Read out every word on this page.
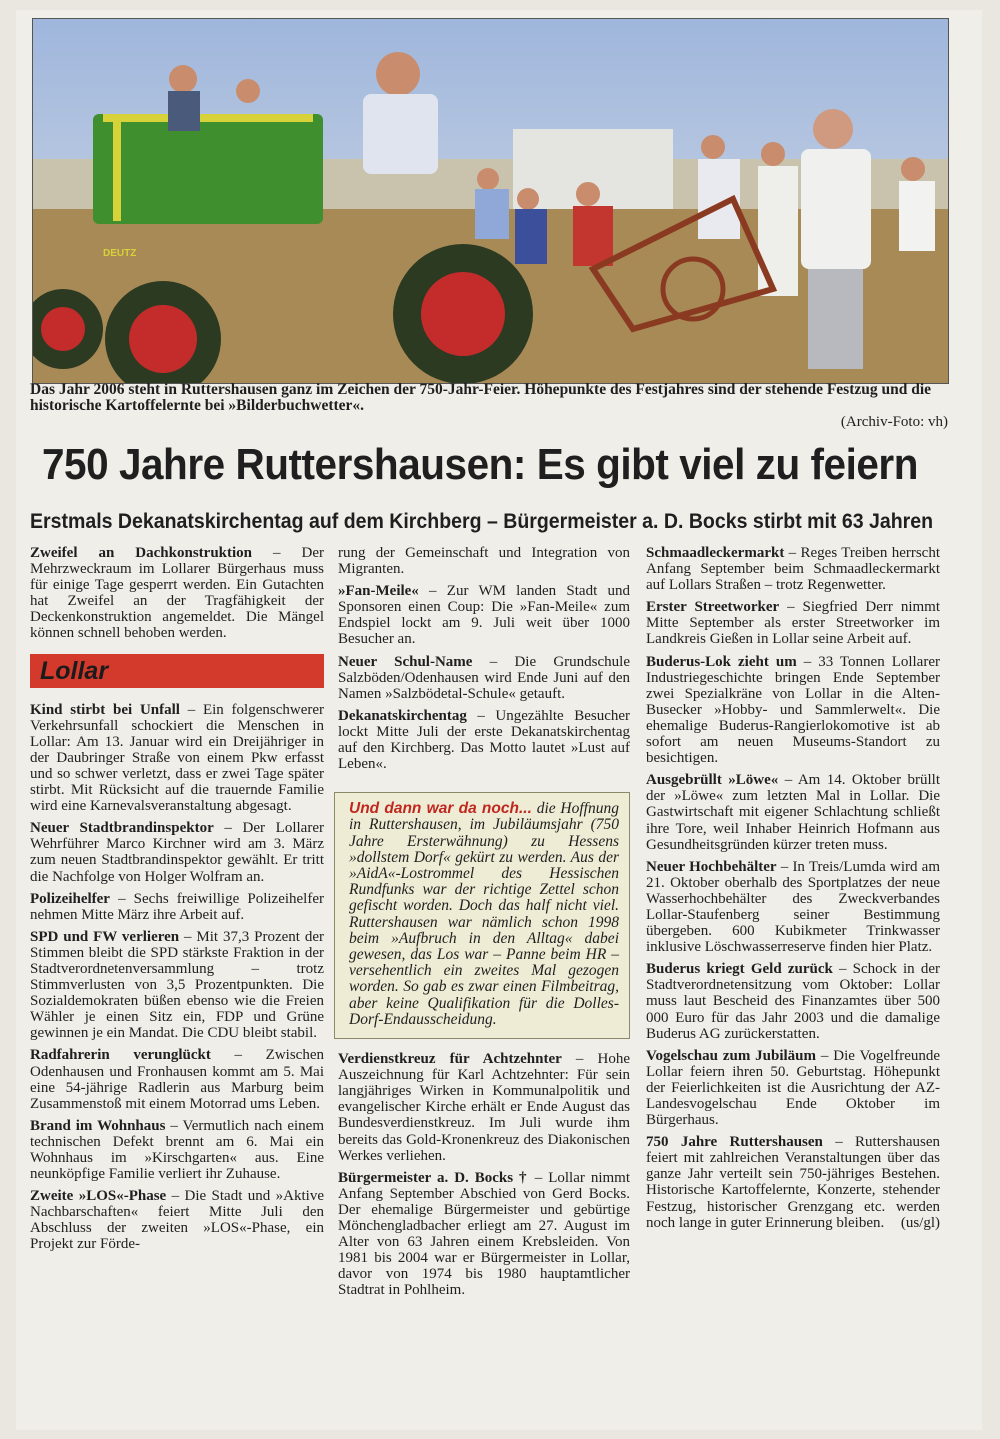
DEUTZ
Das Jahr 2006 steht in Ruttershausen ganz im Zeichen der 750-Jahr-Feier. Höhepunkte des Festjahres sind der stehende Festzug und die historische Kartoffelernte bei »Bilderbuchwetter«.
(Archiv-Foto: vh)
750 Jahre Ruttershausen: Es gibt viel zu feiern
Erstmals Dekanatskirchentag auf dem Kirchberg – Bürgermeister a. D. Bocks stirbt mit 63 Jahren

Zweifel an Dachkonstruktion – Der Mehrzweckraum im Lollarer Bürgerhaus muss für einige Tage gesperrt werden. Ein Gutachten hat Zweifel an der Tragfähigkeit der Deckenkonstruktion angemeldet. Die Mängel können schnell behoben werden.

Lollar

Kind stirbt bei Unfall – Ein folgenschwerer Verkehrsunfall schockiert die Menschen in Lollar: Am 13. Januar wird ein Dreijähriger in der Daubringer Straße von einem Pkw erfasst und so schwer verletzt, dass er zwei Tage später stirbt. Mit Rücksicht auf die trauernde Familie wird eine Karnevalsveranstaltung abgesagt.

Neuer Stadtbrandinspektor – Der Lollarer Wehrführer Marco Kirchner wird am 3. März zum neuen Stadtbrandinspektor gewählt. Er tritt die Nachfolge von Holger Wolfram an.

Polizeihelfer – Sechs freiwillige Polizeihelfer nehmen Mitte März ihre Arbeit auf.

SPD und FW verlieren – Mit 37,3 Prozent der Stimmen bleibt die SPD stärkste Fraktion in der Stadtverordnetenversammlung – trotz Stimmverlusten von 3,5 Prozentpunkten. Die Sozialdemokraten büßen ebenso wie die Freien Wähler je einen Sitz ein, FDP und Grüne gewinnen je ein Mandat. Die CDU bleibt stabil.

Radfahrerin verunglückt – Zwischen Odenhausen und Fronhausen kommt am 5. Mai eine 54-jährige Radlerin aus Marburg beim Zusammenstoß mit einem Motorrad ums Leben.

Brand im Wohnhaus – Vermutlich nach einem technischen Defekt brennt am 6. Mai ein Wohnhaus im »Kirschgarten« aus. Eine neunköpfige Familie verliert ihr Zuhause.

Zweite »LOS«-Phase – Die Stadt und »Aktive Nachbarschaften« feiert Mitte Juli den Abschluss der zweiten »LOS«-Phase, ein Projekt zur Förde-

rung der Gemeinschaft und Integration von Migranten.

»Fan-Meile« – Zur WM landen Stadt und Sponsoren einen Coup: Die »Fan-Meile« zum Endspiel lockt am 9. Juli weit über 1000 Besucher an.

Neuer Schul-Name – Die Grundschule Salzböden/Odenhausen wird Ende Juni auf den Namen »Salzbödetal-Schule« getauft.

Dekanatskirchentag – Ungezählte Besucher lockt Mitte Juli der erste Dekanatskirchentag auf den Kirchberg. Das Motto lautet »Lust auf Leben«.

Und dann war da noch... die Hoffnung in Ruttershausen, im Jubiläumsjahr (750 Jahre Ersterwähnung) zu Hessens »dollstem Dorf« gekürt zu werden. Aus der »AidA«-Lostrommel des Hessischen Rundfunks war der richtige Zettel schon gefischt worden. Doch das half nicht viel. Ruttershausen war nämlich schon 1998 beim »Aufbruch in den Alltag« dabei gewesen, das Los war – Panne beim HR – versehentlich ein zweites Mal gezogen worden. So gab es zwar einen Filmbeitrag, aber keine Qualifikation für die Dolles-Dorf-Endausscheidung.

Verdienstkreuz für Achtzehnter – Hohe Auszeichnung für Karl Achtzehnter: Für sein langjähriges Wirken in Kommunalpolitik und evangelischer Kirche erhält er Ende August das Bundesverdienstkreuz. Im Juli wurde ihm bereits das Gold-Kronenkreuz des Diakonischen Werkes verliehen.

Bürgermeister a. D. Bocks † – Lollar nimmt Anfang September Abschied von Gerd Bocks. Der ehemalige Bürgermeister und gebürtige Mönchengladbacher erliegt am 27. August im Alter von 63 Jahren einem Krebsleiden. Von 1981 bis 2004 war er Bürgermeister in Lollar, davor von 1974 bis 1980 hauptamtlicher Stadtrat in Pohlheim.

Schmaadleckermarkt – Reges Treiben herrscht Anfang September beim Schmaadleckermarkt auf Lollars Straßen – trotz Regenwetter.

Erster Streetworker – Siegfried Derr nimmt Mitte September als erster Streetworker im Landkreis Gießen in Lollar seine Arbeit auf.

Buderus-Lok zieht um – 33 Tonnen Lollarer Industriegeschichte bringen Ende September zwei Spezialkräne von Lollar in die Alten-Busecker »Hobby- und Sammlerwelt«. Die ehemalige Buderus-Rangierlokomotive ist ab sofort am neuen Museums-Standort zu besichtigen.

Ausgebrüllt »Löwe« – Am 14. Oktober brüllt der »Löwe« zum letzten Mal in Lollar. Die Gastwirtschaft mit eigener Schlachtung schließt ihre Tore, weil Inhaber Heinrich Hofmann aus Gesundheitsgründen kürzer treten muss.

Neuer Hochbehälter – In Treis/Lumda wird am 21. Oktober oberhalb des Sportplatzes der neue Wasserhochbehälter des Zweckverbandes Lollar-Staufenberg seiner Bestimmung übergeben. 600 Kubikmeter Trinkwasser inklusive Löschwasserreserve finden hier Platz.

Buderus kriegt Geld zurück – Schock in der Stadtverordnetensitzung vom Oktober: Lollar muss laut Bescheid des Finanzamtes über 500 000 Euro für das Jahr 2003 und die damalige Buderus AG zurückerstatten.

Vogelschau zum Jubiläum – Die Vogelfreunde Lollar feiern ihren 50. Geburtstag. Höhepunkt der Feierlichkeiten ist die Ausrichtung der AZ-Landesvogelschau Ende Oktober im Bürgerhaus.

750 Jahre Ruttershausen – Ruttershausen feiert mit zahlreichen Veranstaltungen über das ganze Jahr verteilt sein 750-jähriges Bestehen. Historische Kartoffelernte, Konzerte, stehender Festzug, historischer Grenzgang etc. werden noch lange in guter Erinnerung bleiben. (us/gl)
